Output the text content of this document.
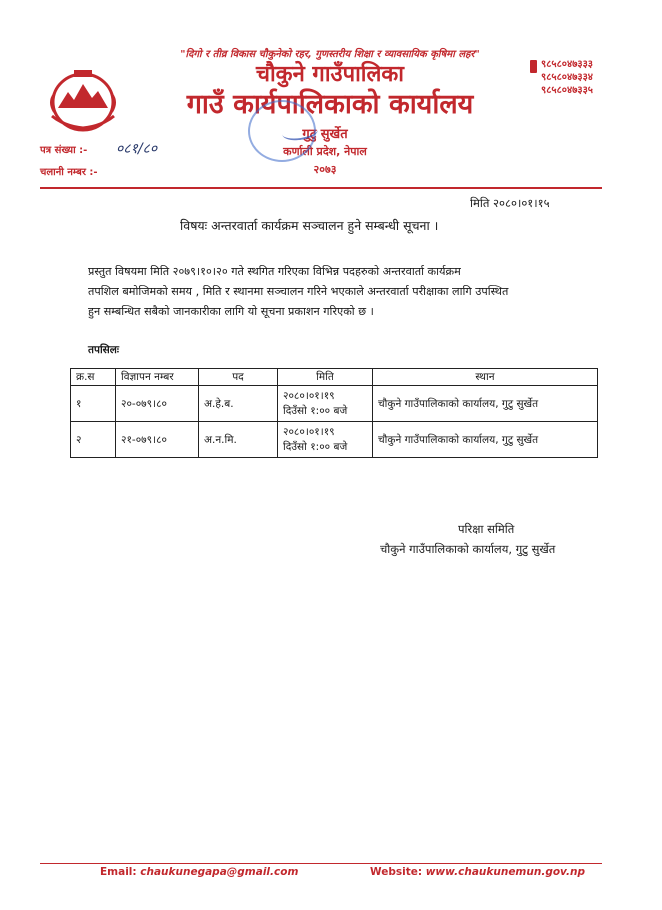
"दिगो र तीव्र विकास चौकुनेको रहर, गुणस्तरीय शिक्षा र व्यावसायिक कृषिमा लहर"
चौकुने गाउँपालिका
गाउँ कार्यपालिकाको कार्यालय
गुटु सुर्खेत
कर्णाली प्रदेश, नेपाल
२०७३
९८५८०४७३३३
९८५८०४७३३४
९८५८०४७३३५
पत्र संख्या :- ०८१/८०
चलानी नम्बर :-
मिति २०८०।०१।१५
विषयः अन्तरवार्ता कार्यक्रम सञ्चालन हुने सम्बन्धी सूचना ।
प्रस्तुत विषयमा मिति २०७९।१०।२० गते स्थगित गरिएका विभिन्न पदहरुको अन्तरवार्ता कार्यक्रम
तपशिल बमोजिमको समय , मिति र स्थानमा सञ्चालन गरिने भएकाले अन्तरवार्ता परीक्षाका लागि उपस्थित
हुन सम्बन्धित सबैको जानकारीका लागि यो सूचना प्रकाशन गरिएको छ ।
तपसिलः
क्र.स	विज्ञापन नम्बर	पद	मिति	स्थान
१	२०-०७९।८०	अ.हे.ब.	२०८०।०१।१९
दिउँसो १:०० बजे	चौकुने गाउँपालिकाको कार्यालय, गुटु सुर्खेत
२	२१-०७९।८०	अ.न.मि.	२०८०।०१।१९
दिउँसो १:०० बजे	चौकुने गाउँपालिकाको कार्यालय, गुटु सुर्खेत
परिक्षा समिति
चौकुने गाउँपालिकाको कार्यालय, गुटु सुर्खेत
Email: chaukunegapa@gmail.com	Website: www.chaukunemun.gov.np
